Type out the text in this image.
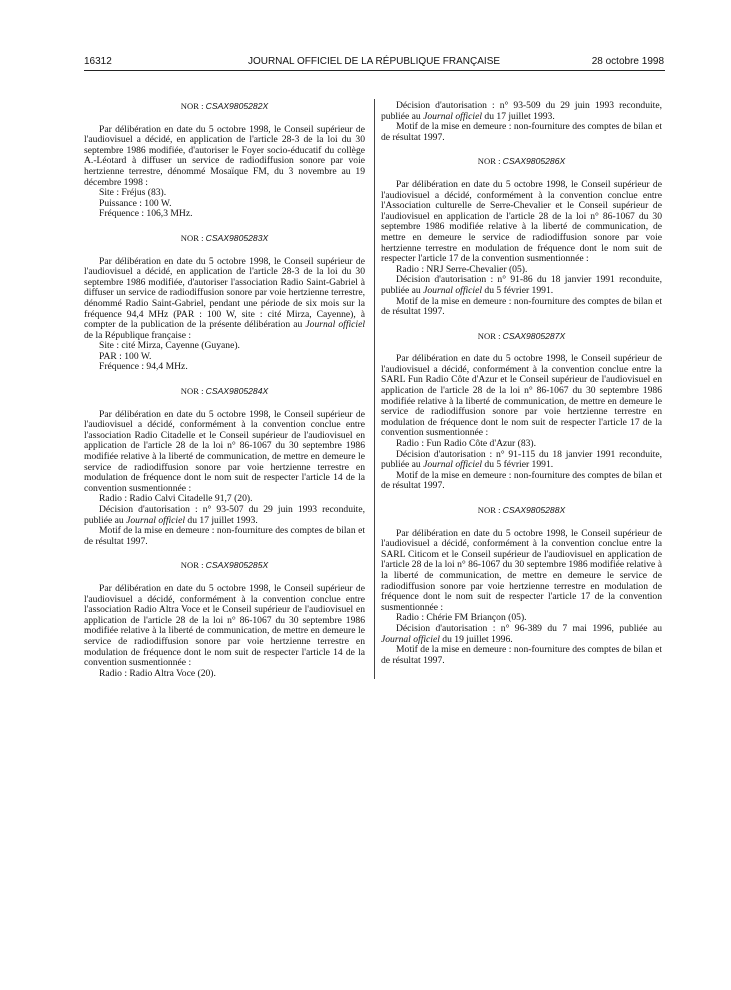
16312	JOURNAL OFFICIEL DE LA RÉPUBLIQUE FRANÇAISE	28 octobre 1998
NOR : CSAX9805282X

Par délibération en date du 5 octobre 1998, le Conseil supérieur de l'audiovisuel a décidé, en application de l'article 28-3 de la loi du 30 septembre 1986 modifiée, d'autoriser le Foyer socio-éducatif du collège A.-Léotard à diffuser un service de radiodiffusion sonore par voie hertzienne terrestre, dénommé Mosaïque FM, du 3 novembre au 19 décembre 1998 :

Site : Fréjus (83).

Puissance : 100 W.

Fréquence : 106,3 MHz.

NOR : CSAX9805283X

Par délibération en date du 5 octobre 1998, le Conseil supérieur de l'audiovisuel a décidé, en application de l'article 28-3 de la loi du 30 septembre 1986 modifiée, d'autoriser l'association Radio Saint-Gabriel à diffuser un service de radiodiffusion sonore par voie hertzienne terrestre, dénommé Radio Saint-Gabriel, pendant une période de six mois sur la fréquence 94,4 MHz (PAR : 100 W, site : cité Mirza, Cayenne), à compter de la publication de la présente délibération au Journal officiel de la République française :

Site : cité Mirza, Cayenne (Guyane).

PAR : 100 W.

Fréquence : 94,4 MHz.

NOR : CSAX9805284X

Par délibération en date du 5 octobre 1998, le Conseil supérieur de l'audiovisuel a décidé, conformément à la convention conclue entre l'association Radio Citadelle et le Conseil supérieur de l'audiovisuel en application de l'article 28 de la loi n° 86-1067 du 30 septembre 1986 modifiée relative à la liberté de communication, de mettre en demeure le service de radiodiffusion sonore par voie hertzienne terrestre en modulation de fréquence dont le nom suit de respecter l'article 14 de la convention susmentionnée :

Radio : Radio Calvi Citadelle 91,7 (20).

Décision d'autorisation : n° 93-507 du 29 juin 1993 reconduite, publiée au Journal officiel du 17 juillet 1993.

Motif de la mise en demeure : non-fourniture des comptes de bilan et de résultat 1997.

NOR : CSAX9805285X

Par délibération en date du 5 octobre 1998, le Conseil supérieur de l'audiovisuel a décidé, conformément à la convention conclue entre l'association Radio Altra Voce et le Conseil supérieur de l'audiovisuel en application de l'article 28 de la loi n° 86-1067 du 30 septembre 1986 modifiée relative à la liberté de communication, de mettre en demeure le service de radiodiffusion sonore par voie hertzienne terrestre en modulation de fréquence dont le nom suit de respecter l'article 14 de la convention susmentionnée :

Radio : Radio Altra Voce (20).

Décision d'autorisation : n° 93-509 du 29 juin 1993 reconduite, publiée au Journal officiel du 17 juillet 1993.

Motif de la mise en demeure : non-fourniture des comptes de bilan et de résultat 1997.

NOR : CSAX9805286X

Par délibération en date du 5 octobre 1998, le Conseil supérieur de l'audiovisuel a décidé, conformément à la convention conclue entre l'Association culturelle de Serre-Chevalier et le Conseil supérieur de l'audiovisuel en application de l'article 28 de la loi n° 86-1067 du 30 septembre 1986 modifiée relative à la liberté de communication, de mettre en demeure le service de radiodiffusion sonore par voie hertzienne terrestre en modulation de fréquence dont le nom suit de respecter l'article 17 de la convention susmentionnée :

Radio : NRJ Serre-Chevalier (05).

Décision d'autorisation : n° 91-86 du 18 janvier 1991 reconduite, publiée au Journal officiel du 5 février 1991.

Motif de la mise en demeure : non-fourniture des comptes de bilan et de résultat 1997.

NOR : CSAX9805287X

Par délibération en date du 5 octobre 1998, le Conseil supérieur de l'audiovisuel a décidé, conformément à la convention conclue entre la SARL Fun Radio Côte d'Azur et le Conseil supérieur de l'audiovisuel en application de l'article 28 de la loi n° 86-1067 du 30 septembre 1986 modifiée relative à la liberté de communication, de mettre en demeure le service de radiodiffusion sonore par voie hertzienne terrestre en modulation de fréquence dont le nom suit de respecter l'article 17 de la convention susmentionnée :

Radio : Fun Radio Côte d'Azur (83).

Décision d'autorisation : n° 91-115 du 18 janvier 1991 reconduite, publiée au Journal officiel du 5 février 1991.

Motif de la mise en demeure : non-fourniture des comptes de bilan et de résultat 1997.

NOR : CSAX9805288X

Par délibération en date du 5 octobre 1998, le Conseil supérieur de l'audiovisuel a décidé, conformément à la convention conclue entre la SARL Citicom et le Conseil supérieur de l'audiovisuel en application de l'article 28 de la loi n° 86-1067 du 30 septembre 1986 modifiée relative à la liberté de communication, de mettre en demeure le service de radiodiffusion sonore par voie hertzienne terrestre en modulation de fréquence dont le nom suit de respecter l'article 17 de la convention susmentionnée :

Radio : Chérie FM Briançon (05).

Décision d'autorisation : n° 96-389 du 7 mai 1996, publiée au Journal officiel du 19 juillet 1996.

Motif de la mise en demeure : non-fourniture des comptes de bilan et de résultat 1997.
